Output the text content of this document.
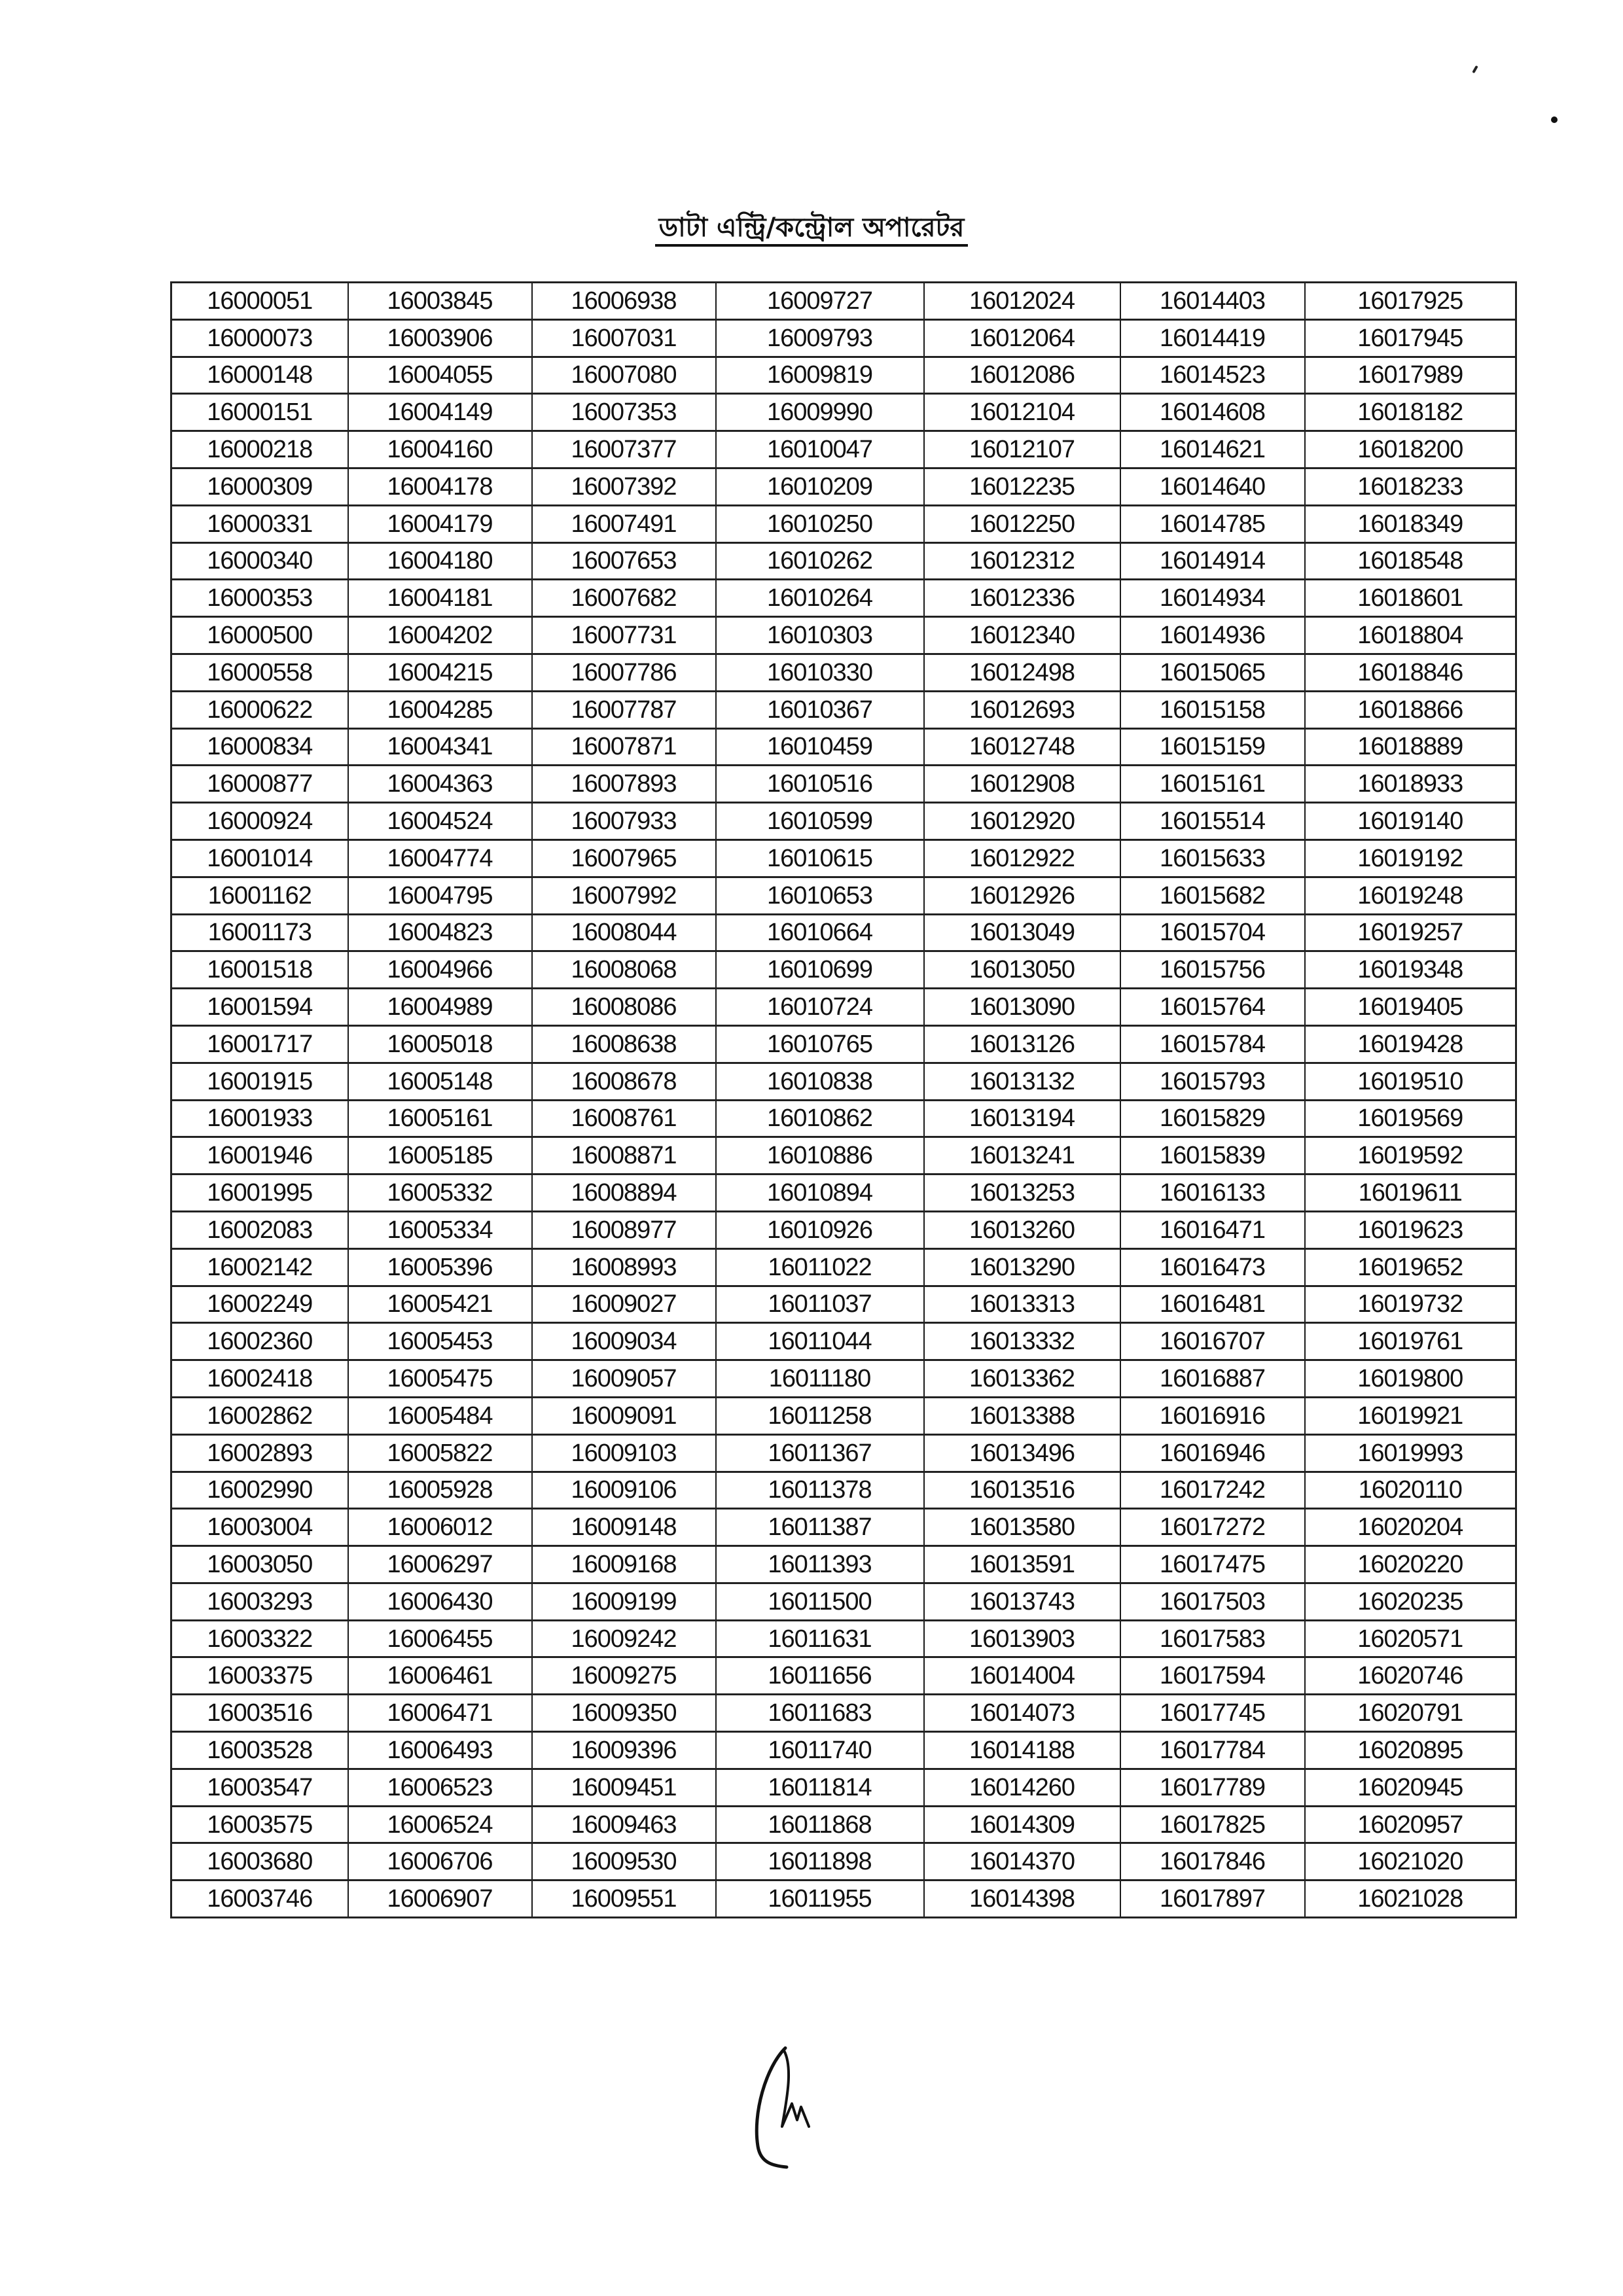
ডাটা এন্ট্রি/কন্ট্রোল অপারেটর
16000051	16003845	16006938	16009727	16012024	16014403	16017925
16000073	16003906	16007031	16009793	16012064	16014419	16017945
16000148	16004055	16007080	16009819	16012086	16014523	16017989
16000151	16004149	16007353	16009990	16012104	16014608	16018182
16000218	16004160	16007377	16010047	16012107	16014621	16018200
16000309	16004178	16007392	16010209	16012235	16014640	16018233
16000331	16004179	16007491	16010250	16012250	16014785	16018349
16000340	16004180	16007653	16010262	16012312	16014914	16018548
16000353	16004181	16007682	16010264	16012336	16014934	16018601
16000500	16004202	16007731	16010303	16012340	16014936	16018804
16000558	16004215	16007786	16010330	16012498	16015065	16018846
16000622	16004285	16007787	16010367	16012693	16015158	16018866
16000834	16004341	16007871	16010459	16012748	16015159	16018889
16000877	16004363	16007893	16010516	16012908	16015161	16018933
16000924	16004524	16007933	16010599	16012920	16015514	16019140
16001014	16004774	16007965	16010615	16012922	16015633	16019192
16001162	16004795	16007992	16010653	16012926	16015682	16019248
16001173	16004823	16008044	16010664	16013049	16015704	16019257
16001518	16004966	16008068	16010699	16013050	16015756	16019348
16001594	16004989	16008086	16010724	16013090	16015764	16019405
16001717	16005018	16008638	16010765	16013126	16015784	16019428
16001915	16005148	16008678	16010838	16013132	16015793	16019510
16001933	16005161	16008761	16010862	16013194	16015829	16019569
16001946	16005185	16008871	16010886	16013241	16015839	16019592
16001995	16005332	16008894	16010894	16013253	16016133	16019611
16002083	16005334	16008977	16010926	16013260	16016471	16019623
16002142	16005396	16008993	16011022	16013290	16016473	16019652
16002249	16005421	16009027	16011037	16013313	16016481	16019732
16002360	16005453	16009034	16011044	16013332	16016707	16019761
16002418	16005475	16009057	16011180	16013362	16016887	16019800
16002862	16005484	16009091	16011258	16013388	16016916	16019921
16002893	16005822	16009103	16011367	16013496	16016946	16019993
16002990	16005928	16009106	16011378	16013516	16017242	16020110
16003004	16006012	16009148	16011387	16013580	16017272	16020204
16003050	16006297	16009168	16011393	16013591	16017475	16020220
16003293	16006430	16009199	16011500	16013743	16017503	16020235
16003322	16006455	16009242	16011631	16013903	16017583	16020571
16003375	16006461	16009275	16011656	16014004	16017594	16020746
16003516	16006471	16009350	16011683	16014073	16017745	16020791
16003528	16006493	16009396	16011740	16014188	16017784	16020895
16003547	16006523	16009451	16011814	16014260	16017789	16020945
16003575	16006524	16009463	16011868	16014309	16017825	16020957
16003680	16006706	16009530	16011898	16014370	16017846	16021020
16003746	16006907	16009551	16011955	16014398	16017897	16021028
